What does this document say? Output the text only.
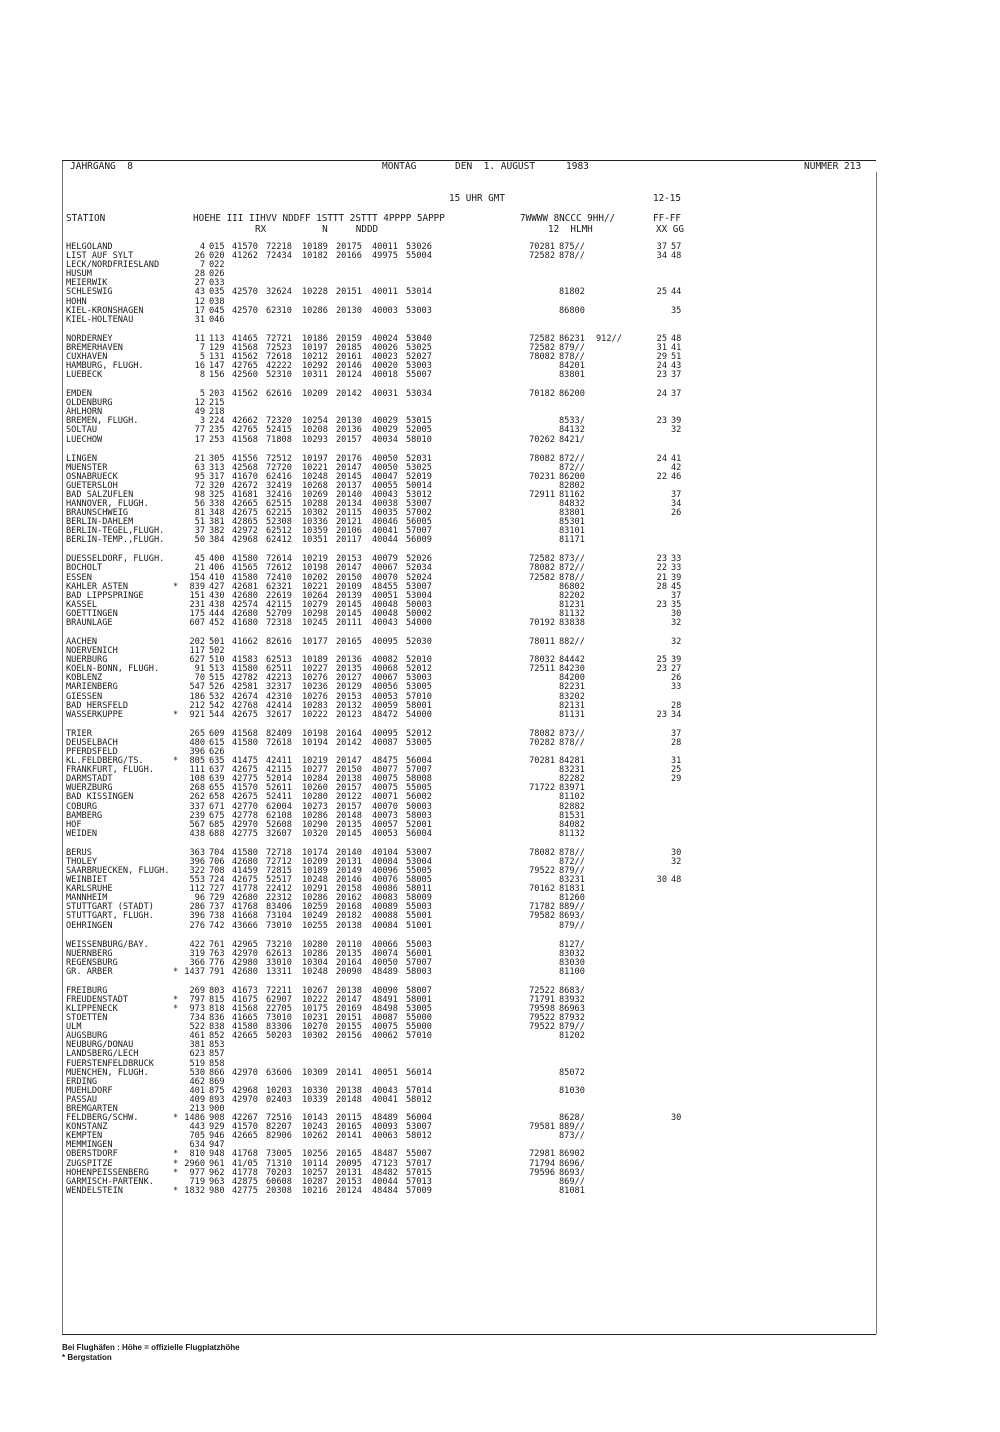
JAHRGANG  8	MONTAG	DEN  1. AUGUST	1983	NUMMER 213
15 UHR GMT	12-15
STATION	HOEHE III IIHVV NDDFF 1STTT 2STTT 4PPPP 5APPP
RX          N     NDDD
7WWWW 8NCCC 9HH//
12  HLMH
FF-FF
XX GG
HELGOLAND	4 015 41570 72218 10189 20175 40011 53026	70281 875//	37 57
LIST AUF SYLT	26 020 41262 72434 10182 20166 49975 55004	72582 878//	34 48
LECK/NORDFRIESLAND	7 022
HUSUM	28 026
MEIERWIK	27 033
SCHLESWIG	43 035 42570 32624 10228 20151 40011 53014	81802	25 44
HOHN	12 038
KIEL-KRONSHAGEN	17 045 42570 62310 10286 20130 40003 53003	86800	35
KIEL-HOLTENAU	31 046
NORDERNEY	11 113 41465 72721 10186 20159 40024 53040	72582 86231 912//	25 48
BREMERHAVEN	7 129 41568 72523 10197 20185 40026 53025	72582 879//	31 41
CUXHAVEN	5 131 41562 72618 10212 20161 40023 52027	78082 878//	29 51
HAMBURG, FLUGH.	16 147 42765 42222 10292 20146 40020 53003	84201	24 43
LUEBECK	8 156 42560 52310 10311 20124 40018 55007	83801	23 37
EMDEN	5 203 41562 62616 10209 20142 40031 53034	70182 86200	24 37
OLDENBURG	12 215
AHLHORN	49 218
BREMEN, FLUGH.	3 224 42662 72320 10254 20130 40029 53015	8533/	23 39
SOLTAU	77 235 42765 52415 10208 20136 40029 52005	84132	32
LUECHOW	17 253 41568 71808 10293 20157 40034 58010	70262 8421/
LINGEN	21 305 41556 72512 10197 20176 40050 52031	78082 872//	24 41
MUENSTER	63 313 42568 72720 10221 20147 40050 53025	872//	42
OSNABRUECK	95 317 41670 62416 10248 20145 40047 52019	70231 86200	22 46
GUETERSLOH	72 320 42672 32419 10268 20137 40055 50014	82802
BAD SALZUFLEN	98 325 41681 32416 10269 20140 40043 53012	72911 81162	37
HANNOVER, FLUGH.	56 338 42665 62515 10288 20134 40038 53007	84832	34
BRAUNSCHWEIG	81 348 42675 62215 10302 20115 40035 57002	83801	26
BERLIN-DAHLEM	51 381 42865 52308 10336 20121 40046 56005	85301
BERLIN-TEGEL,FLUGH.	37 382 42972 62512 10359 20106 40041 57007	83101
BERLIN-TEMP.,FLUGH.	50 384 42968 62412 10351 20117 40044 56009	81171
DUESSELDORF, FLUGH.	45 400 41580 72614 10219 20153 40079 52026	72582 873//	23 33
BOCHOLT	21 406 41565 72612 10198 20147 40067 52034	78082 872//	22 33
ESSEN	154 410 41580 72410 10202 20150 40070 52024	72582 878//	21 39
KAHLER ASTEN	*	839 427 42681 62321 10221 20109 48455 53007	86802	28 45
BAD LIPPSPRINGE	151 430 42680 22619 10264 20139 40051 53004	82202	37
KASSEL	231 438 42574 42115 10279 20145 40048 50003	81231	23 35
GOETTINGEN	175 444 42680 52709 10298 20145 40048 50002	81132	30
BRAUNLAGE	607 452 41680 72318 10245 20111 40043 54000	70192 83838	32
AACHEN	202 501 41662 82616 10177 20165 40095 52030	78011 882//	32
NOERVENICH	117 502
NUERBURG	627 510 41583 62513 10189 20136 40082 52010	78032 84442	25 39
KOELN-BONN, FLUGH.	91 513 41580 62511 10227 20135 40068 52012	72511 84230	23 27
KOBLENZ	70 515 42782 42213 10276 20127 40067 53003	84200	26
MARIENBERG	547 526 42581 32317 10236 20129 40056 53005	82231	33
GIESSEN	186 532 42674 42310 10276 20153 40053 57010	83202
BAD HERSFELD	212 542 42768 42414 10283 20132 40059 58001	82131	28
WASSERKUPPE	*	921 544 42675 32617 10222 20123 48472 54000	81131	23 34
TRIER	265 609 41568 82409 10198 20164 40095 52012	78082 873//	37
DEUSELBACH	480 615 41580 72618 10194 20142 40087 53005	70282 878//	28
PFERDSFELD	396 626
KL.FELDBERG/TS.	*	805 635 41475 42411 10219 20147 48475 56004	70281 84281	31
FRANKFURT, FLUGH.	111 637 42675 42115 10277 20150 40077 57007	83231	25
DARMSTADT	108 639 42775 52014 10284 20138 40075 58008	82282	29
WUERZBURG	268 655 41570 52611 10260 20157 40075 55005	71722 83971
BAD KISSINGEN	262 658 42675 52411 10280 20122 40071 56002	81102
COBURG	337 671 42770 62004 10273 20157 40070 50003	82882
BAMBERG	239 675 42778 62108 10286 20148 40073 58003	81531
HOF	567 685 42970 52608 10290 20135 40057 52001	84082
WEIDEN	438 688 42775 32607 10320 20145 40053 56004	81132
BERUS	363 704 41580 72718 10174 20140 40104 53007	78082 878//	30
THOLEY	396 706 42680 72712 10209 20131 40084 53004	872//	32
SAARBRUECKEN, FLUGH.	322 708 41459 72815 10189 20149 40096 55005	79522 879//
WEINBIET	553 724 42675 52517 10248 20146 40076 58005	83231	30 48
KARLSRUHE	112 727 41778 22412 10291 20158 40086 58011	70162 81831
MANNHEIM	96 729 42680 22312 10286 20162 40083 58009	81260
STUTTGART (STADT)	286 737 41768 83406 10259 20168 40089 55003	71782 889//
STUTTGART, FLUGH.	396 738 41668 73104 10249 20182 40088 55001	79582 8693/
OEHRINGEN	276 742 43666 73010 10255 20138 40084 51001	879//
WEISSENBURG/BAY.	422 761 42965 73210 10280 20110 40066 55003	8127/
NUERNBERG	319 763 42970 62613 10286 20135 40074 56001	83032
REGENSBURG	366 776 42980 33010 10304 20164 40050 57007	83030
GR. ARBER	* 1437 791 42680 13311 10248 20090 48489 58003	81100
FREIBURG	269 803 41673 72211 10267 20138 40090 58007	72522 8683/
FREUDENSTADT	*	797 815 41675 62907 10222 20147 48491 58001	71791 83932
KLIPPENECK	*	973 818 41568 22705 10175 20169 48498 53005	79598 86963
STOETTEN	734 836 41665 73010 10231 20151 40087 55000	79522 87932
ULM	522 838 41580 83306 10270 20155 40075 55000	79522 879//
AUGSBURG	461 852 42665 50203 10302 20156 40062 57010	81202
NEUBURG/DONAU	381 853
LANDSBERG/LECH	623 857
FUERSTENFELDBRUCK	519 858
MUENCHEN, FLUGH.	530 866 42970 63606 10309 20141 40051 56014	85072
ERDING	462 869
MUEHLDORF	401 875 42968 10203 10330 20138 40043 57014	81030
PASSAU	409 893 42970 02403 10339 20148 40041 58012
BREMGARTEN	213 900
FELDBERG/SCHW.	* 1486 908 42267 72516 10143 20115 48489 56004	8628/	30
KONSTANZ	443 929 41570 82207 10243 20165 40093 53007	79581 889//
KEMPTEN	705 946 42665 82906 10262 20141 40063 58012	873//
MEMMINGEN	634 947
OBERSTDORF	*	810 948 41768 73005 10256 20165 48487 55007	72981 86902
ZUGSPITZE	* 2960 961 41/05 71310 10114 20095 47123 57017	71794 8696/
HOHENPEISSENBERG	*	977 962 41778 70203 10257 20131 48482 57015	79596 8693/
GARMISCH-PARTENK.	719 963 42875 60608 10287 20153 40044 57013	869//
WENDELSTEIN	* 1832 980 42775 20308 10216 20124 48484 57009	81081
Bei Flughäfen : Höhe = offizielle Flugplatzhöhe
* Bergstation
